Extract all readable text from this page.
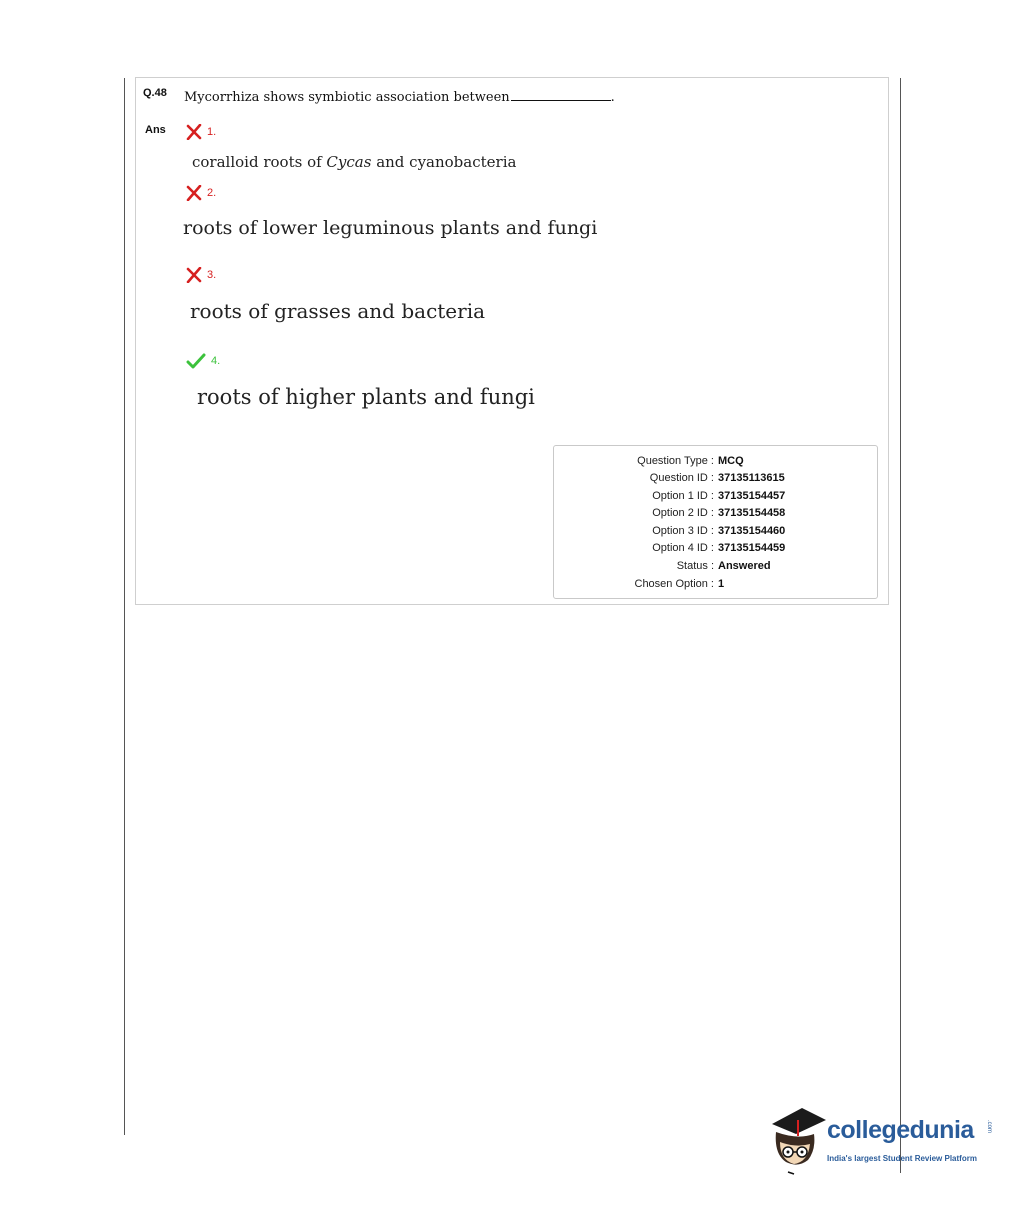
Q.48 Mycorrhiza shows symbiotic association between	.
Ans	1.
coralloid roots of Cycas and cyanobacteria
2.
roots of lower leguminous plants and fungi
3.
roots of grasses and bacteria
4.
roots of higher plants and fungi
Question Type : MCQ
Question ID : 37135113615
Option 1 ID : 37135154457
Option 2 ID : 37135154458
Option 3 ID : 37135154460
Option 4 ID : 37135154459
Status : Answered
Chosen Option : 1
collegedunia .com
India's largest Student Review Platform
